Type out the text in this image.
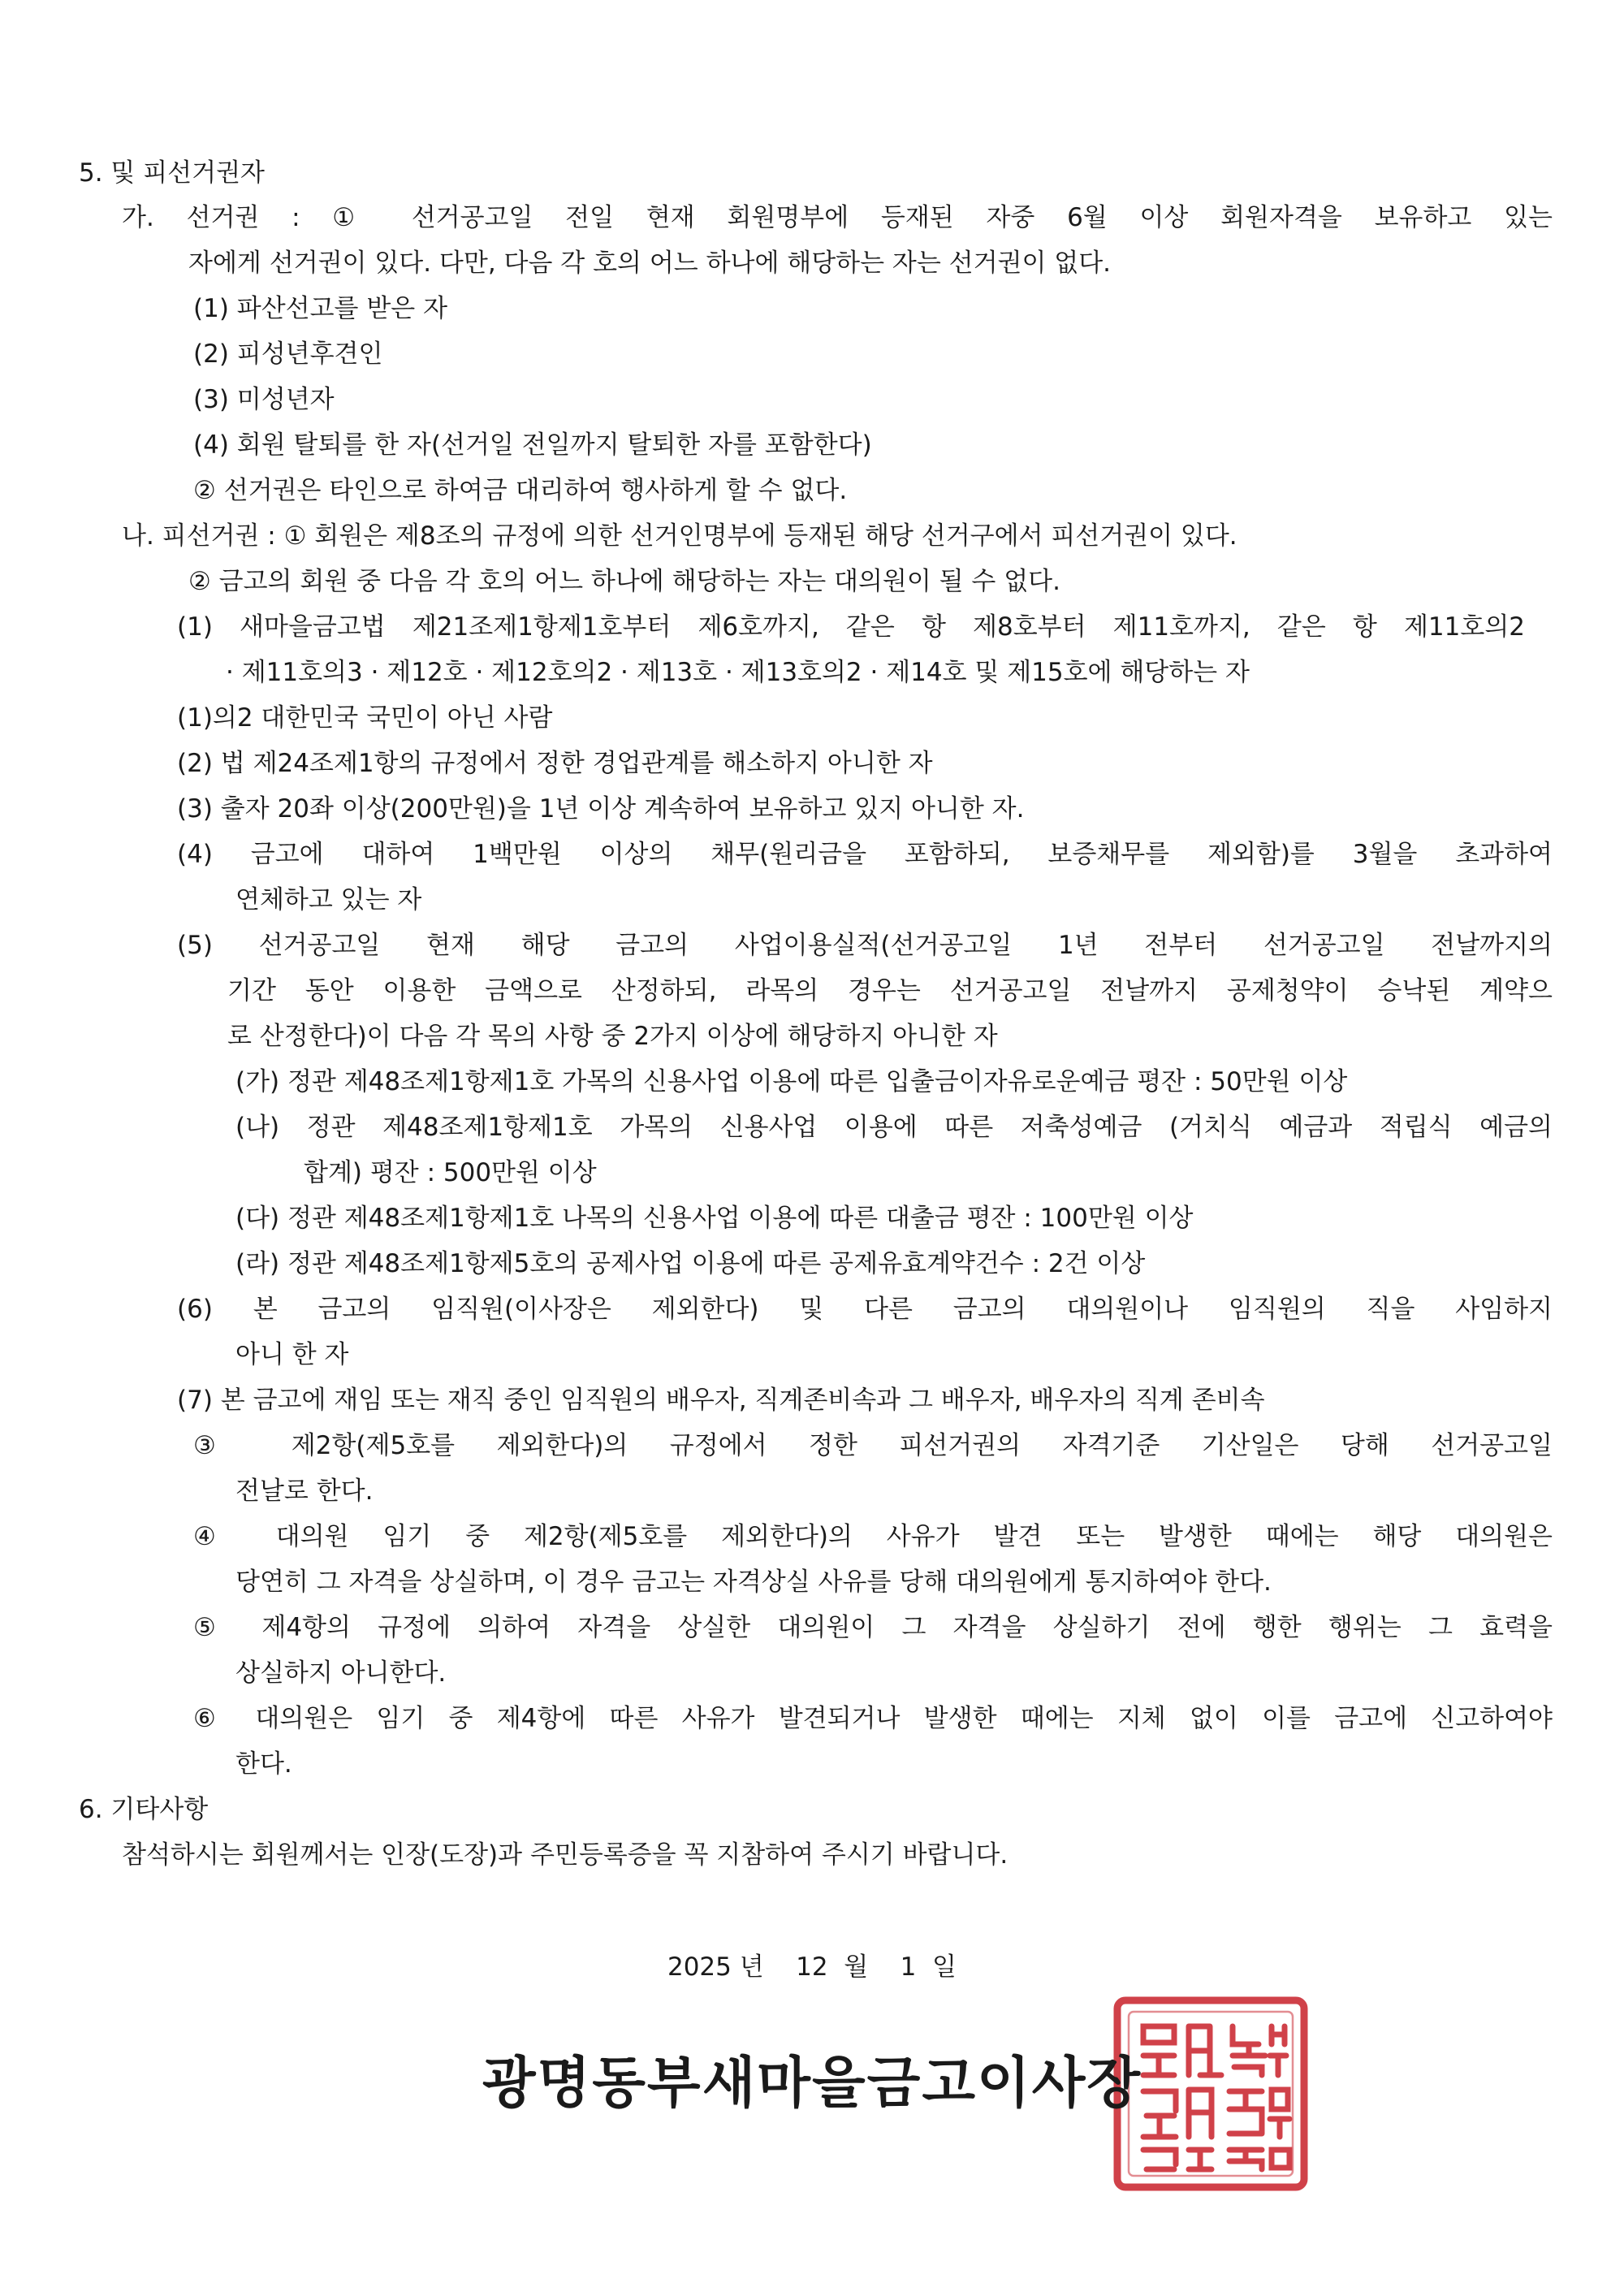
5. 및 피선거권자
가. 선거권 : ① 선거공고일 전일 현재 회원명부에 등재된 자중 6월 이상 회원자격을 보유하고 있는
자에게 선거권이 있다. 다만, 다음 각 호의 어느 하나에 해당하는 자는 선거권이 없다.
(1) 파산선고를 받은 자
(2) 피성년후견인
(3) 미성년자
(4) 회원 탈퇴를 한 자(선거일 전일까지 탈퇴한 자를 포함한다)
② 선거권은 타인으로 하여금 대리하여 행사하게 할 수 없다.
나. 피선거권 : ① 회원은 제8조의 규정에 의한 선거인명부에 등재된 해당 선거구에서 피선거권이 있다.
② 금고의 회원 중 다음 각 호의 어느 하나에 해당하는 자는 대의원이 될 수 없다.
(1) 새마을금고법 제21조제1항제1호부터 제6호까지, 같은 항 제8호부터 제11호까지, 같은 항 제11호의2
· 제11호의3 · 제12호 · 제12호의2 · 제13호 · 제13호의2 · 제14호 및 제15호에 해당하는 자
(1)의2 대한민국 국민이 아닌 사람
(2) 법 제24조제1항의 규정에서 정한 경업관계를 해소하지 아니한 자
(3) 출자 20좌 이상(200만원)을 1년 이상 계속하여 보유하고 있지 아니한 자.
(4) 금고에 대하여 1백만원 이상의 채무(원리금을 포함하되, 보증채무를 제외함)를 3월을 초과하여
연체하고 있는 자
(5) 선거공고일 현재 해당 금고의 사업이용실적(선거공고일 1년 전부터 선거공고일 전날까지의
기간 동안 이용한 금액으로 산정하되, 라목의 경우는 선거공고일 전날까지 공제청약이 승낙된 계약으
로 산정한다)이 다음 각 목의 사항 중 2가지 이상에 해당하지 아니한 자
(가) 정관 제48조제1항제1호 가목의 신용사업 이용에 따른 입출금이자유로운예금 평잔 : 50만원 이상
(나) 정관 제48조제1항제1호 가목의 신용사업 이용에 따른 저축성예금 (거치식 예금과 적립식 예금의
합계) 평잔 : 500만원 이상
(다) 정관 제48조제1항제1호 나목의 신용사업 이용에 따른 대출금 평잔 : 100만원 이상
(라) 정관 제48조제1항제5호의 공제사업 이용에 따른 공제유효계약건수 : 2건 이상
(6) 본 금고의 임직원(이사장은 제외한다) 및 다른 금고의 대의원이나 임직원의 직을 사임하지
아니 한 자
(7) 본 금고에 재임 또는 재직 중인 임직원의 배우자, 직계존비속과 그 배우자, 배우자의 직계 존비속
③ 제2항(제5호를 제외한다)의 규정에서 정한 피선거권의 자격기준 기산일은 당해 선거공고일
전날로 한다.
④ 대의원 임기 중 제2항(제5호를 제외한다)의 사유가 발견 또는 발생한 때에는 해당 대의원은
당연히 그 자격을 상실하며, 이 경우 금고는 자격상실 사유를 당해 대의원에게 통지하여야 한다.
⑤ 제4항의 규정에 의하여 자격을 상실한 대의원이 그 자격을 상실하기 전에 행한 행위는 그 효력을
상실하지 아니한다.
⑥ 대의원은 임기 중 제4항에 따른 사유가 발견되거나 발생한 때에는 지체 없이 이를 금고에 신고하여야
한다.
6. 기타사항
참석하시는 회원께서는 인장(도장)과 주민등록증을 꼭 지참하여 주시기 바랍니다.
2025 년    12  월    1  일
광명동부새마을금고이사장
